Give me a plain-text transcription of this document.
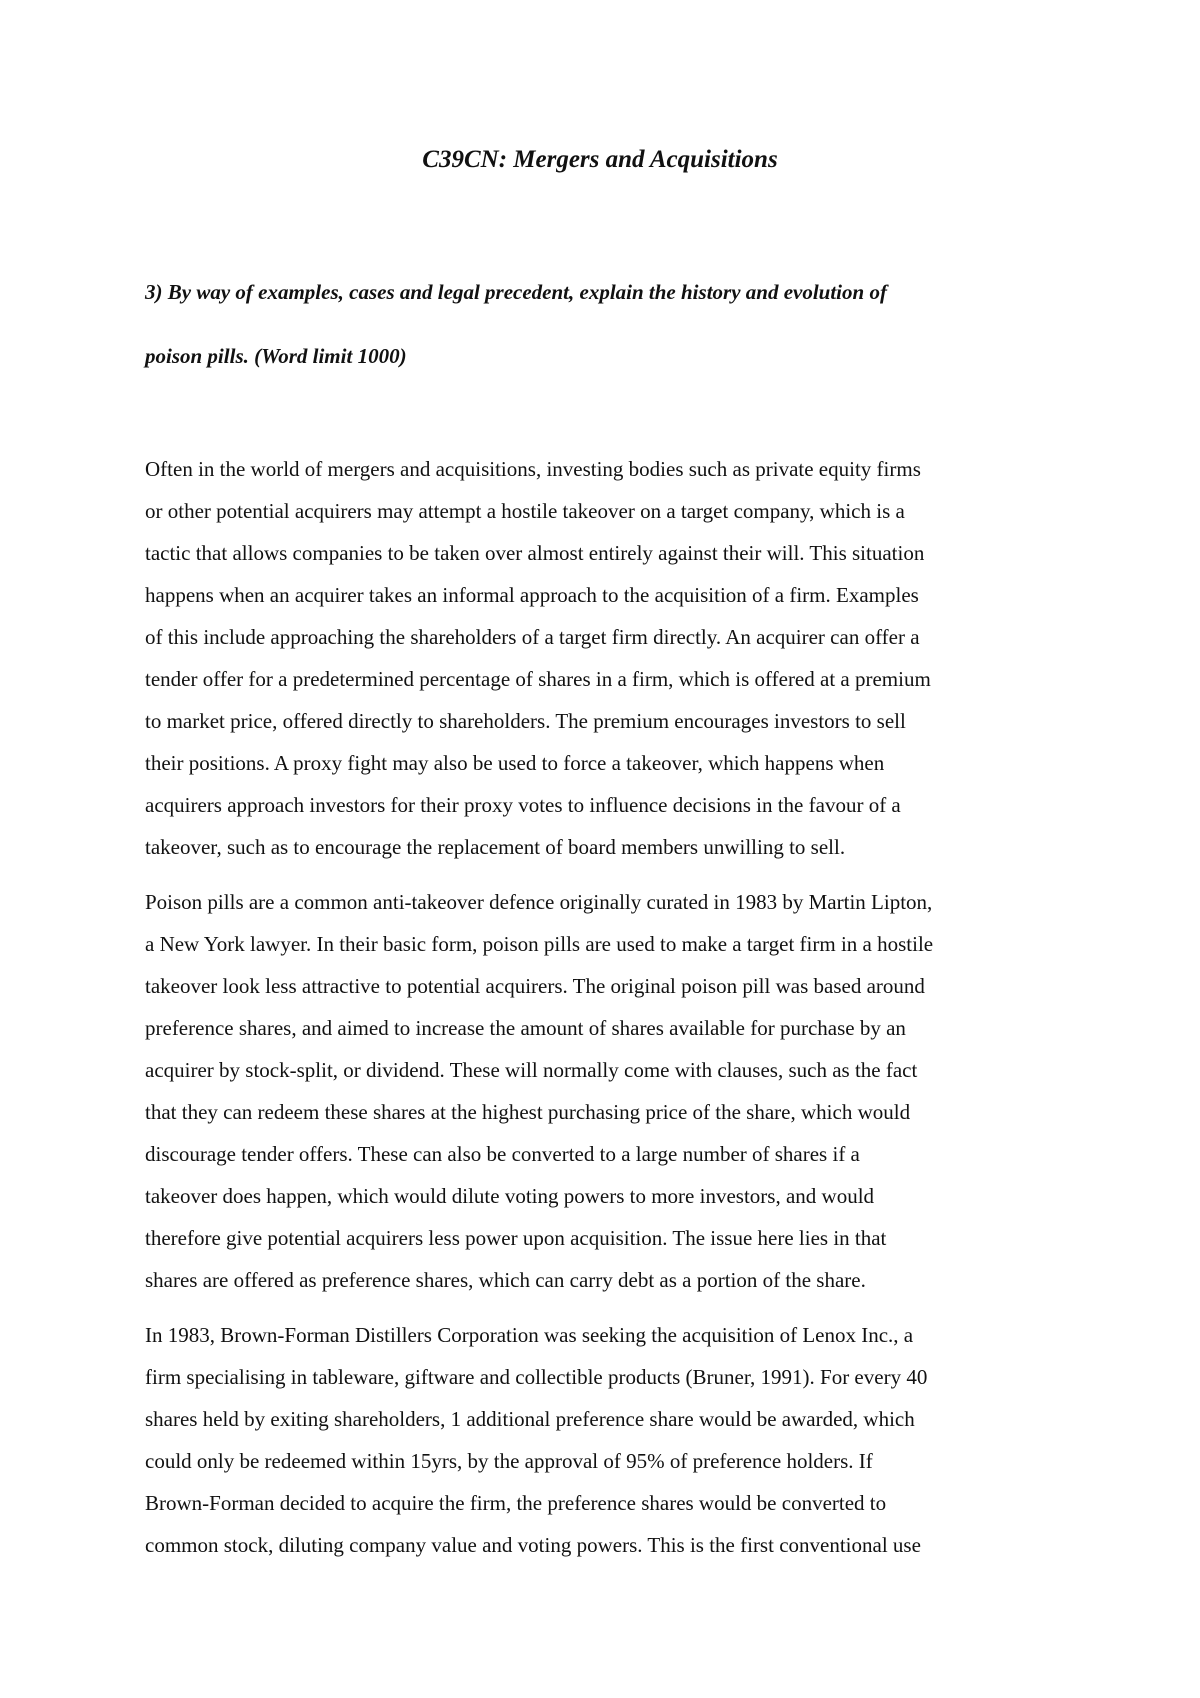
C39CN: Mergers and Acquisitions
3) By way of examples, cases and legal precedent, explain the history and evolution of
poison pills. (Word limit 1000)

Often in the world of mergers and acquisitions, investing bodies such as private equity firms
or other potential acquirers may attempt a hostile takeover on a target company, which is a
tactic that allows companies to be taken over almost entirely against their will. This situation
happens when an acquirer takes an informal approach to the acquisition of a firm. Examples
of this include approaching the shareholders of a target firm directly. An acquirer can offer a
tender offer for a predetermined percentage of shares in a firm, which is offered at a premium
to market price, offered directly to shareholders. The premium encourages investors to sell
their positions. A proxy fight may also be used to force a takeover, which happens when
acquirers approach investors for their proxy votes to influence decisions in the favour of a
takeover, such as to encourage the replacement of board members unwilling to sell.

Poison pills are a common anti-takeover defence originally curated in 1983 by Martin Lipton,
a New York lawyer. In their basic form, poison pills are used to make a target firm in a hostile
takeover look less attractive to potential acquirers. The original poison pill was based around
preference shares, and aimed to increase the amount of shares available for purchase by an
acquirer by stock-split, or dividend. These will normally come with clauses, such as the fact
that they can redeem these shares at the highest purchasing price of the share, which would
discourage tender offers. These can also be converted to a large number of shares if a
takeover does happen, which would dilute voting powers to more investors, and would
therefore give potential acquirers less power upon acquisition. The issue here lies in that
shares are offered as preference shares, which can carry debt as a portion of the share.

In 1983, Brown-Forman Distillers Corporation was seeking the acquisition of Lenox Inc., a
firm specialising in tableware, giftware and collectible products (Bruner, 1991). For every 40
shares held by exiting shareholders, 1 additional preference share would be awarded, which
could only be redeemed within 15yrs, by the approval of 95% of preference holders. If
Brown-Forman decided to acquire the firm, the preference shares would be converted to
common stock, diluting company value and voting powers. This is the first conventional use
